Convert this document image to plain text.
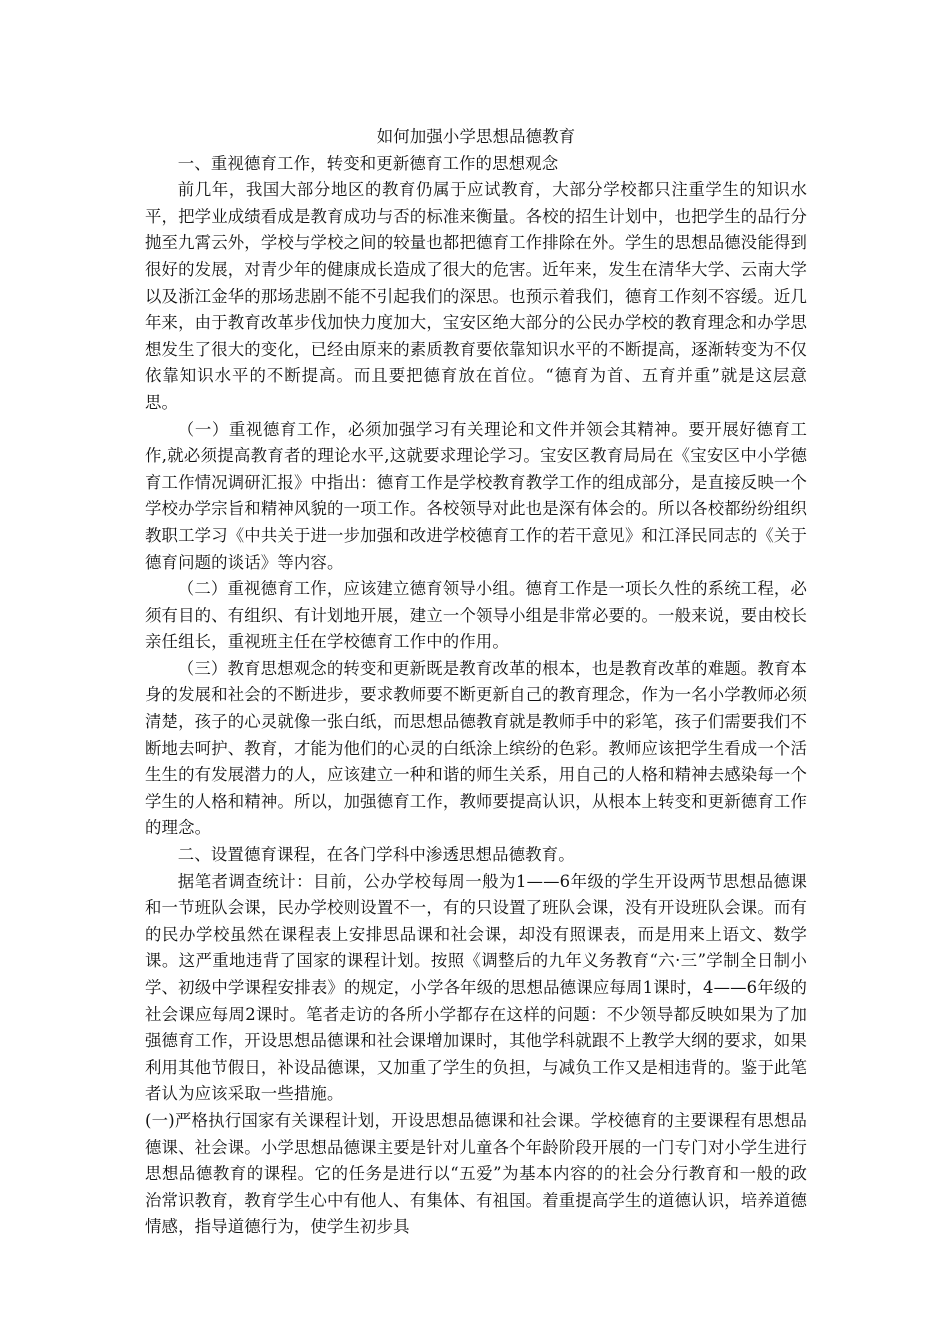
如何加强小学思想品德教育

一、重视德育工作，转变和更新德育工作的思想观念

前几年，我国大部分地区的教育仍属于应试教育，大部分学校都只注重学生的知识水平，把学业成绩看成是教育成功与否的标准来衡量。各校的招生计划中，也把学生的品行分抛至九霄云外，学校与学校之间的较量也都把德育工作排除在外。学生的思想品德没能得到很好的发展，对青少年的健康成长造成了很大的危害。近年来，发生在清华大学、云南大学以及浙江金华的那场悲剧不能不引起我们的深思。也预示着我们，德育工作刻不容缓。近几年来，由于教育改革步伐加快力度加大，宝安区绝大部分的公民办学校的教育理念和办学思想发生了很大的变化，已经由原来的素质教育要依靠知识水平的不断提高，逐渐转变为不仅依靠知识水平的不断提高。而且要把德育放在首位。“德育为首、五育并重”就是这层意思。

（一）重视德育工作，必须加强学习有关理论和文件并领会其精神。要开展好德育工作,就必须提高教育者的理论水平,这就要求理论学习。宝安区教育局局在《宝安区中小学德育工作情况调研汇报》中指出：德育工作是学校教育教学工作的组成部分，是直接反映一个学校办学宗旨和精神风貌的一项工作。各校领导对此也是深有体会的。所以各校都纷纷组织教职工学习《中共关于进一步加强和改进学校德育工作的若干意见》和江泽民同志的《关于德育问题的谈话》等内容。

（二）重视德育工作，应该建立德育领导小组。德育工作是一项长久性的系统工程，必须有目的、有组织、有计划地开展，建立一个领导小组是非常必要的。一般来说，要由校长亲任组长，重视班主任在学校德育工作中的作用。

（三）教育思想观念的转变和更新既是教育改革的根本，也是教育改革的难题。教育本身的发展和社会的不断进步，要求教师要不断更新自己的教育理念，作为一名小学教师必须清楚，孩子的心灵就像一张白纸，而思想品德教育就是教师手中的彩笔，孩子们需要我们不断地去呵护、教育，才能为他们的心灵的白纸涂上缤纷的色彩。教师应该把学生看成一个活生生的有发展潜力的人，应该建立一种和谐的师生关系，用自己的人格和精神去感染每一个学生的人格和精神。所以，加强德育工作，教师要提高认识，从根本上转变和更新德育工作的理念。

二、设置德育课程，在各门学科中渗透思想品德教育。

据笔者调查统计：目前，公办学校每周一般为1——6年级的学生开设两节思想品德课和一节班队会课，民办学校则设置不一，有的只设置了班队会课，没有开设班队会课。而有的民办学校虽然在课程表上安排思品课和社会课，却没有照课表，而是用来上语文、数学课。这严重地违背了国家的课程计划。按照《调整后的九年义务教育“六·三”学制全日制小学、初级中学课程安排表》的规定，小学各年级的思想品德课应每周1课时，4——6年级的社会课应每周2课时。笔者走访的各所小学都存在这样的问题：不少领导都反映如果为了加强德育工作，开设思想品德课和社会课增加课时，其他学科就跟不上教学大纲的要求，如果利用其他节假日，补设品德课，又加重了学生的负担，与减负工作又是相违背的。鉴于此笔者认为应该采取一些措施。

(一)严格执行国家有关课程计划，开设思想品德课和社会课。学校德育的主要课程有思想品德课、社会课。小学思想品德课主要是针对儿童各个年龄阶段开展的一门专门对小学生进行思想品德教育的课程。它的任务是进行以“五爱”为基本内容的的社会分行教育和一般的政治常识教育，教育学生心中有他人、有集体、有祖国。着重提高学生的道德认识，培养道德情感，指导道德行为，使学生初步具
